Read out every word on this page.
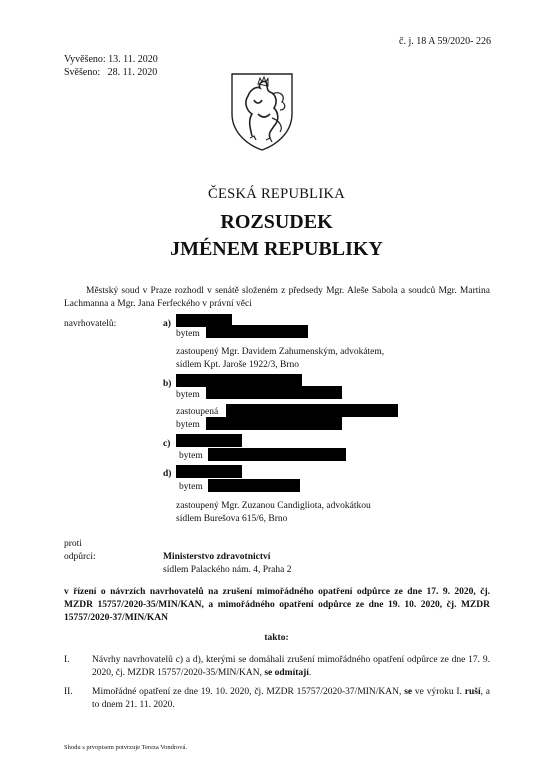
č. j. 18 A 59/2020- 226
Vyvěšeno: 13. 11. 2020
Svěšeno:   28. 11. 2020
ČESKÁ REPUBLIKA
ROZSUDEK
JMÉNEM REPUBLIKY
Městský soud v Praze rozhodl v senátě složeném z předsedy Mgr. Aleše Sabola a soudců Mgr. Martina Lachmanna a Mgr. Jana Ferfeckého v právní věci
navrhovatelů:	a)
bytem
zastoupený Mgr. Davidem Zahumenským, advokátem,
sídlem Kpt. Jaroše 1922/3, Brno
b)
bytem
zastoupená
bytem
c)
bytem
d)
bytem
zastoupený Mgr. Zuzanou Candigliota, advokátkou
sídlem Burešova 615/6, Brno
proti
odpůrci:	Ministerstvo zdravotnictví
sídlem Palackého nám. 4, Praha 2
v řízení o návrzích navrhovatelů na zrušení mimořádného opatření odpůrce ze dne 17. 9. 2020, čj. MZDR 15757/2020-35/MIN/KAN, a mimořádného opatření odpůrce ze dne 19. 10. 2020, čj. MZDR 15757/2020-37/MIN/KAN
takto:
I. Návrhy navrhovatelů c) a d), kterými se domáhali zrušení mimořádného opatření odpůrce ze dne 17. 9. 2020, čj. MZDR 15757/2020-35/MIN/KAN, se odmítají.
II. Mimořádné opatření ze dne 19. 10. 2020, čj. MZDR 15757/2020-37/MIN/KAN, se ve výroku I. ruší, a to dnem 21. 11. 2020.
Shodu s prvopisem potvrzuje Tereza Vondrová.
